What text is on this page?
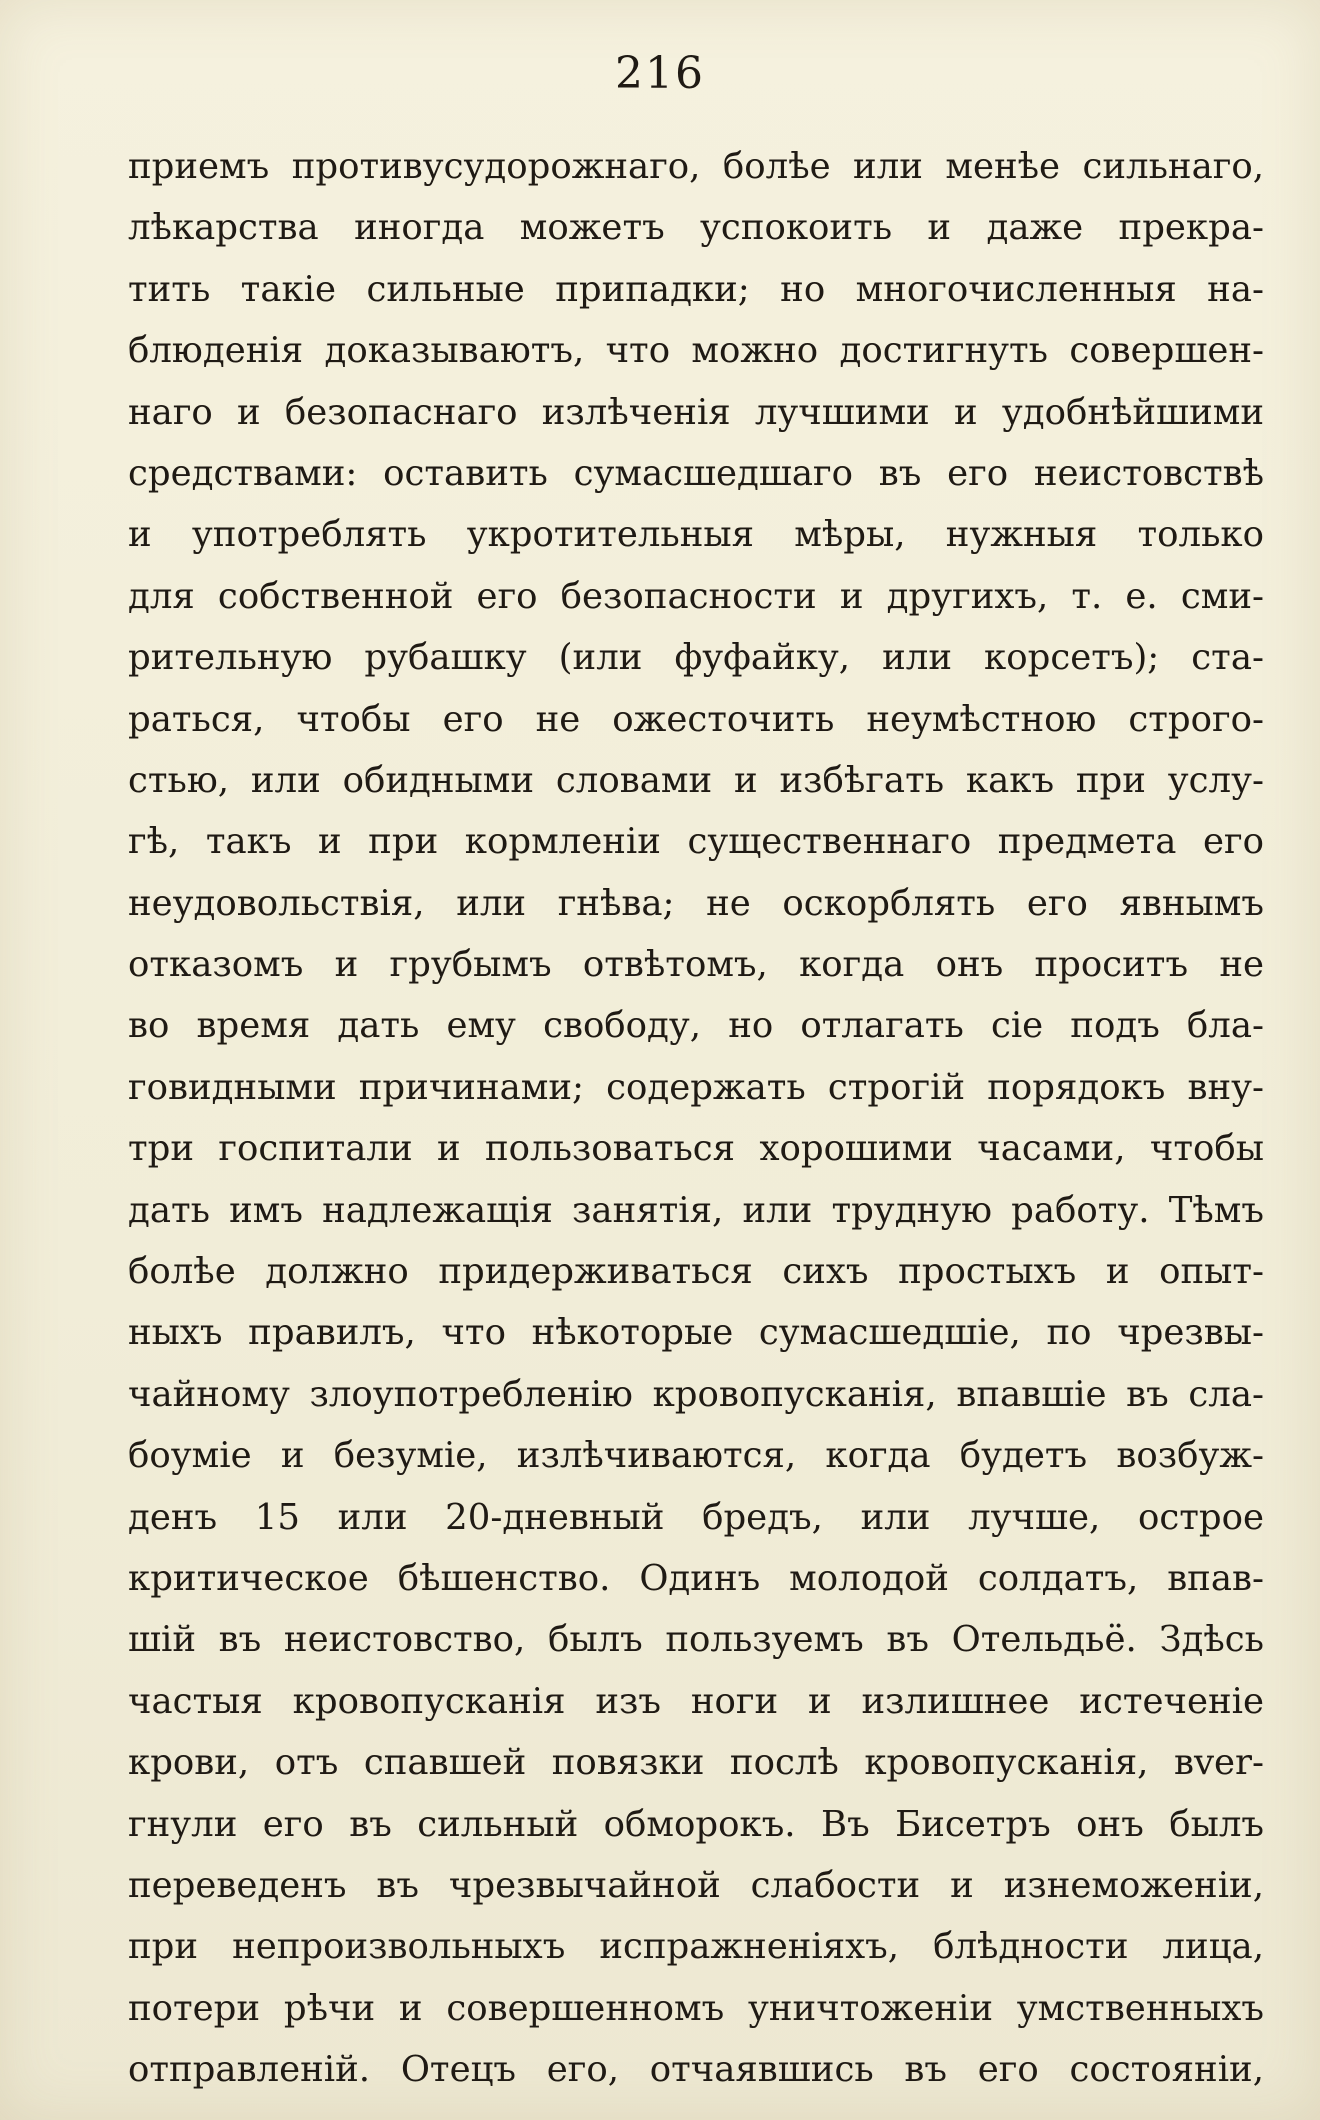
216
приемъ противусудорожнаго, болѣе или менѣе сильнаго,
лѣкарства иногда можетъ успокоить и даже прекра-
тить такіе сильные припадки; но многочисленныя на-
блюденія доказываютъ, что можно достигнуть совершен-
наго и безопаснаго излѣченія лучшими и удобнѣйшими
средствами: оставить сумасшедшаго въ его неистовствѣ
и употреблять укротительныя мѣры, нужныя только
для собственной его безопасности и другихъ, т. е. сми-
рительную рубашку (или фуфайку, или корсетъ); ста-
раться, чтобы его не ожесточить неумѣстною строго-
стью, или обидными словами и избѣгать какъ при услу-
гѣ, такъ и при кормленіи существеннаго предмета его
неудовольствія, или гнѣва; не оскорблять его явнымъ
отказомъ и грубымъ отвѣтомъ, когда онъ проситъ не
во время дать ему свободу, но отлагать сіе подъ бла-
говидными причинами; содержать строгій порядокъ вну-
три госпитали и пользоваться хорошими часами, чтобы
дать имъ надлежащія занятія, или трудную работу. Тѣмъ
болѣе должно придерживаться сихъ простыхъ и опыт-
ныхъ правилъ, что нѣкоторые сумасшедшіе, по чрезвы-
чайному злоупотребленію кровопусканія, впавшіе въ сла-
боуміе и безуміе, излѣчиваются, когда будетъ возбуж-
денъ 15 или 20-дневный бредъ, или лучше, острое
критическое бѣшенство. Одинъ молодой солдатъ, впав-
шій въ неистовство, былъ пользуемъ въ Отельдьё. Здѣсь
частыя кровопусканія изъ ноги и излишнее истеченіе
крови, отъ спавшей повязки послѣ кровопусканія, вver-
гнули его въ сильный обморокъ. Въ Бисетръ онъ былъ
переведенъ въ чрезвычайной слабости и изнеможеніи,
при непроизвольныхъ испражненіяхъ, блѣдности лица,
потери рѣчи и совершенномъ уничтоженіи умственныхъ
отправленій. Отецъ его, отчаявшись въ его состояніи,
